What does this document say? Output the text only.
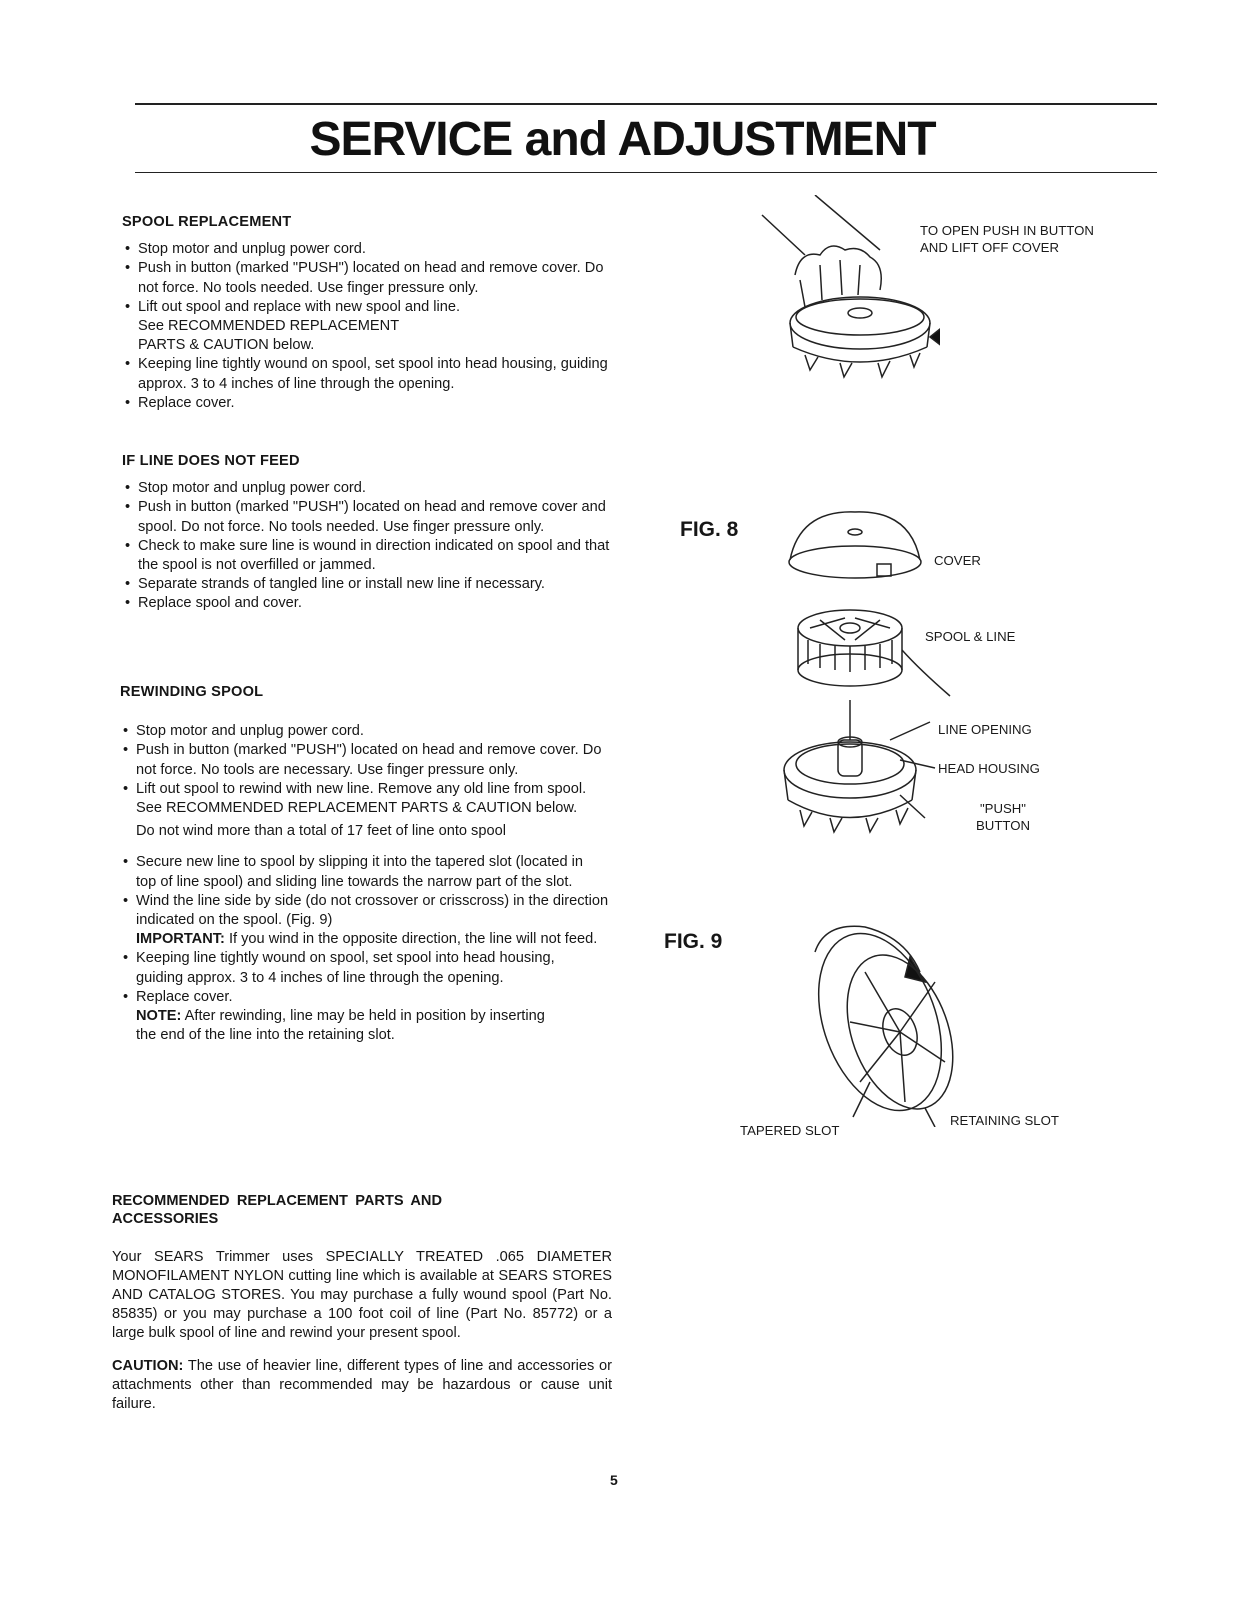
SERVICE and ADJUSTMENT
SPOOL REPLACEMENT
• Stop motor and unplug power cord.
• Push in button (marked "PUSH") located on head and remove cover. Do not force. No tools needed. Use finger pressure only.
• Lift out spool and replace with new spool and line.
See RECOMMENDED REPLACEMENT PARTS & CAUTION below.
• Keeping line tightly wound on spool, set spool into head housing, guiding approx. 3 to 4 inches of line through the opening.
• Replace cover.
IF LINE DOES NOT FEED
• Stop motor and unplug power cord.
• Push in button (marked "PUSH") located on head and remove cover and spool. Do not force. No tools needed. Use finger pressure only.
• Check to make sure line is wound in direction indicated on spool and that the spool is not overfilled or jammed.
• Separate strands of tangled line or install new line if necessary.
• Replace spool and cover.
REWINDING SPOOL
• Stop motor and unplug power cord.
• Push in button (marked "PUSH") located on head and remove cover. Do not force. No tools are necessary. Use finger pressure only.
• Lift out spool to rewind with new line. Remove any old line from spool.
See RECOMMENDED REPLACEMENT PARTS & CAUTION below.
Do not wind more than a total of 17 feet of line onto spool
• Secure new line to spool by slipping it into the tapered slot (located in top of line spool) and sliding line towards the narrow part of the slot.
• Wind the line side by side (do not crossover or crisscross) in the direction indicated on the spool. (Fig. 9)
IMPORTANT: If you wind in the opposite direction, the line will not feed.
• Keeping line tightly wound on spool, set spool into head housing, guiding approx. 3 to 4 inches of line through the opening.
• Replace cover.
NOTE: After rewinding, line may be held in position by inserting the end of the line into the retaining slot.
RECOMMENDED REPLACEMENT PARTS AND ACCESSORIES

Your SEARS Trimmer uses SPECIALLY TREATED .065 DIAMETER MONOFILAMENT NYLON cutting line which is available at SEARS STORES AND CATALOG STORES. You may purchase a fully wound spool (Part No. 85835) or you may purchase a 100 foot coil of line (Part No. 85772) or a large bulk spool of line and rewind your present spool.

CAUTION: The use of heavier line, different types of line and accessories or attachments other than recommended may be hazardous or cause unit failure.

TO OPEN PUSH IN BUTTON AND LIFT OFF COVER
FIG. 8
COVER
SPOOL & LINE
LINE OPENING
HEAD HOUSING
"PUSH" BUTTON
FIG. 9
TAPERED SLOT
RETAINING SLOT
5
